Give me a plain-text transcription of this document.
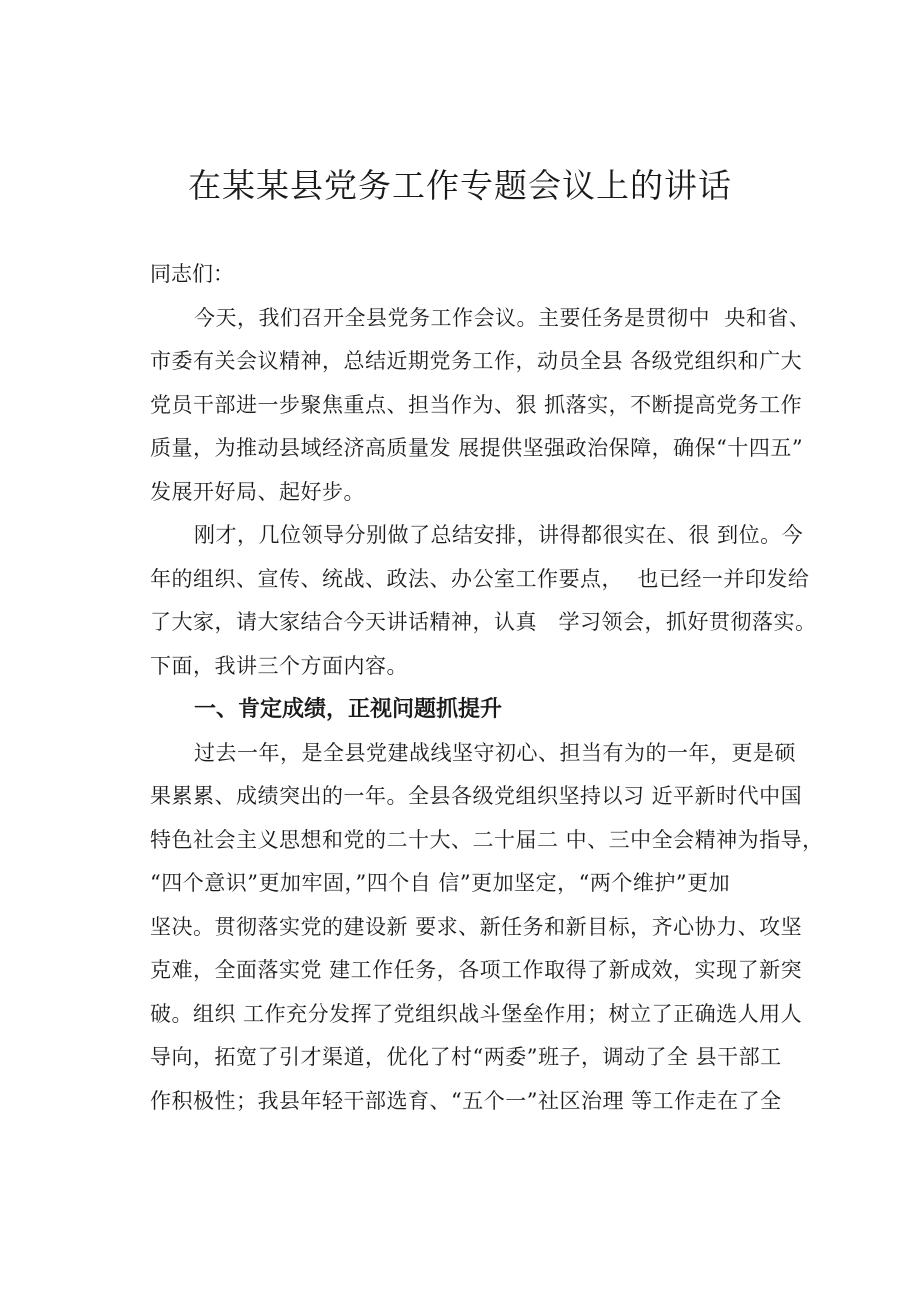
在某某县党务工作专题会议上的讲话
同志们：
今天，我们召开全县党务工作会议。主要任务是贯彻中  央和省、
市委有关会议精神，总结近期党务工作，动员全县 各级党组织和广大
党员干部进一步聚焦重点、担当作为、狠 抓落实，不断提高党务工作
质量，为推动县域经济高质量发 展提供坚强政治保障，确保“十四五”
发展开好局、起好步。
刚才，几位领导分别做了总结安排，讲得都很实在、很 到位。今
年的组织、宣传、统战、政法、办公室工作要点，  也已经一并印发给
了大家，请大家结合今天讲话精神，认真   学习领会，抓好贯彻落实。
下面，我讲三个方面内容。
一、肯定成绩，正视问题抓提升
过去一年，是全县党建战线坚守初心、担当有为的一年，更是硕
果累累、成绩突出的一年。全县各级党组织坚持以习 近平新时代中国
特色社会主义思想和党的二十大、二十届二 中、三中全会精神为指导，
“四个意识”更加牢固，”四个自 信”更加坚定，“两个维护”更加
坚决。贯彻落实党的建设新 要求、新任务和新目标，齐心协力、攻坚
克难，全面落实党 建工作任务，各项工作取得了新成效，实现了新突
破。组织 工作充分发挥了党组织战斗堡垒作用；树立了正确选人用人
导向，拓宽了引才渠道，优化了村“两委”班子，调动了全 县干部工
作积极性；我县年轻干部选育、“五个一”社区治理 等工作走在了全
